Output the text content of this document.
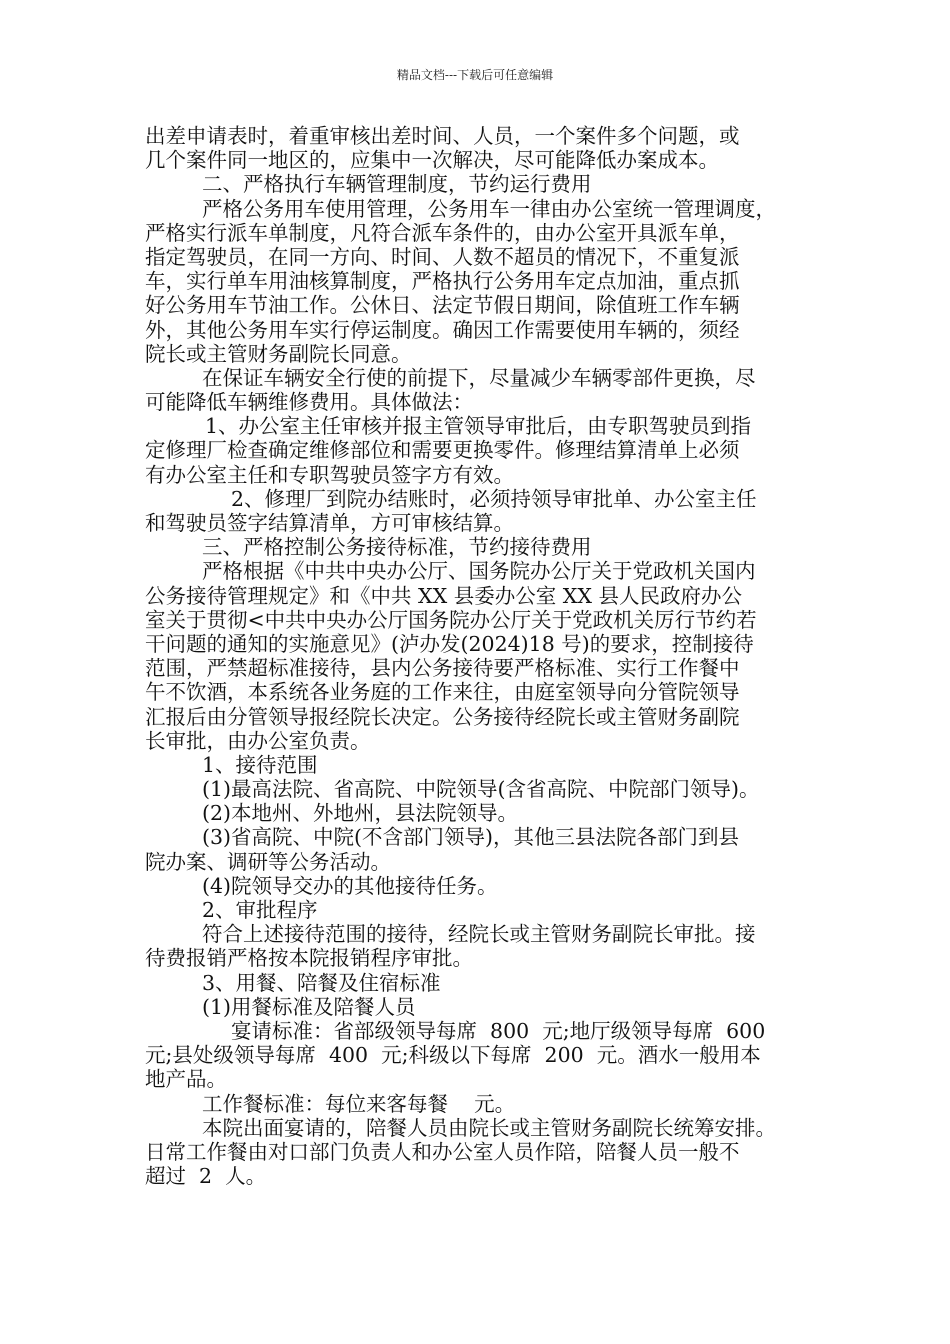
精品文档---下载后可任意编辑
出差申请表时，着重审核出差时间、人员，一个案件多个问题，或
几个案件同一地区的，应集中一次解决，尽可能降低办案成本。
二、严格执行车辆管理制度，节约运行费用
严格公务用车使用管理，公务用车一律由办公室统一管理调度，
严格实行派车单制度，凡符合派车条件的，由办公室开具派车单，
指定驾驶员，在同一方向、时间、人数不超员的情况下，不重复派
车，实行单车用油核算制度，严格执行公务用车定点加油，重点抓
好公务用车节油工作。公休日、法定节假日期间，除值班工作车辆
外，其他公务用车实行停运制度。确因工作需要使用车辆的，须经
院长或主管财务副院长同意。
在保证车辆安全行使的前提下，尽量减少车辆零部件更换，尽
可能降低车辆维修费用。具体做法：
1、办公室主任审核并报主管领导审批后，由专职驾驶员到指
定修理厂检查确定维修部位和需要更换零件。修理结算清单上必须
有办公室主任和专职驾驶员签字方有效。
2、修理厂到院办结账时，必须持领导审批单、办公室主任
和驾驶员签字结算清单，方可审核结算。
三、严格控制公务接待标准，节约接待费用
严格根据《中共中央办公厅、国务院办公厅关于党政机关国内
公务接待管理规定》和《中共 XX 县委办公室 XX 县人民政府办公
室关于贯彻<中共中央办公厅国务院办公厅关于党政机关厉行节约若
干问题的通知的实施意见》(泸办发(2024)18 号)的要求，控制接待
范围，严禁超标准接待，县内公务接待要严格标准、实行工作餐中
午不饮酒，本系统各业务庭的工作来往，由庭室领导向分管院领导
汇报后由分管领导报经院长决定。公务接待经院长或主管财务副院
长审批，由办公室负责。
1、接待范围
(1)最高法院、省高院、中院领导(含省高院、中院部门领导)。
(2)本地州、外地州，县法院领导。
(3)省高院、中院(不含部门领导)，其他三县法院各部门到县
院办案、调研等公务活动。
(4)院领导交办的其他接待任务。
2、审批程序
符合上述接待范围的接待，经院长或主管财务副院长审批。接
待费报销严格按本院报销程序审批。
3、用餐、陪餐及住宿标准
(1)用餐标准及陪餐人员
宴请标准：省部级领导每席  800  元;地厅级领导每席  600
元;县处级领导每席  400  元;科级以下每席  200  元。酒水一般用本
地产品。
工作餐标准：每位来客每餐    元。
本院出面宴请的，陪餐人员由院长或主管财务副院长统筹安排。
日常工作餐由对口部门负责人和办公室人员作陪，陪餐人员一般不
超过  2  人。
